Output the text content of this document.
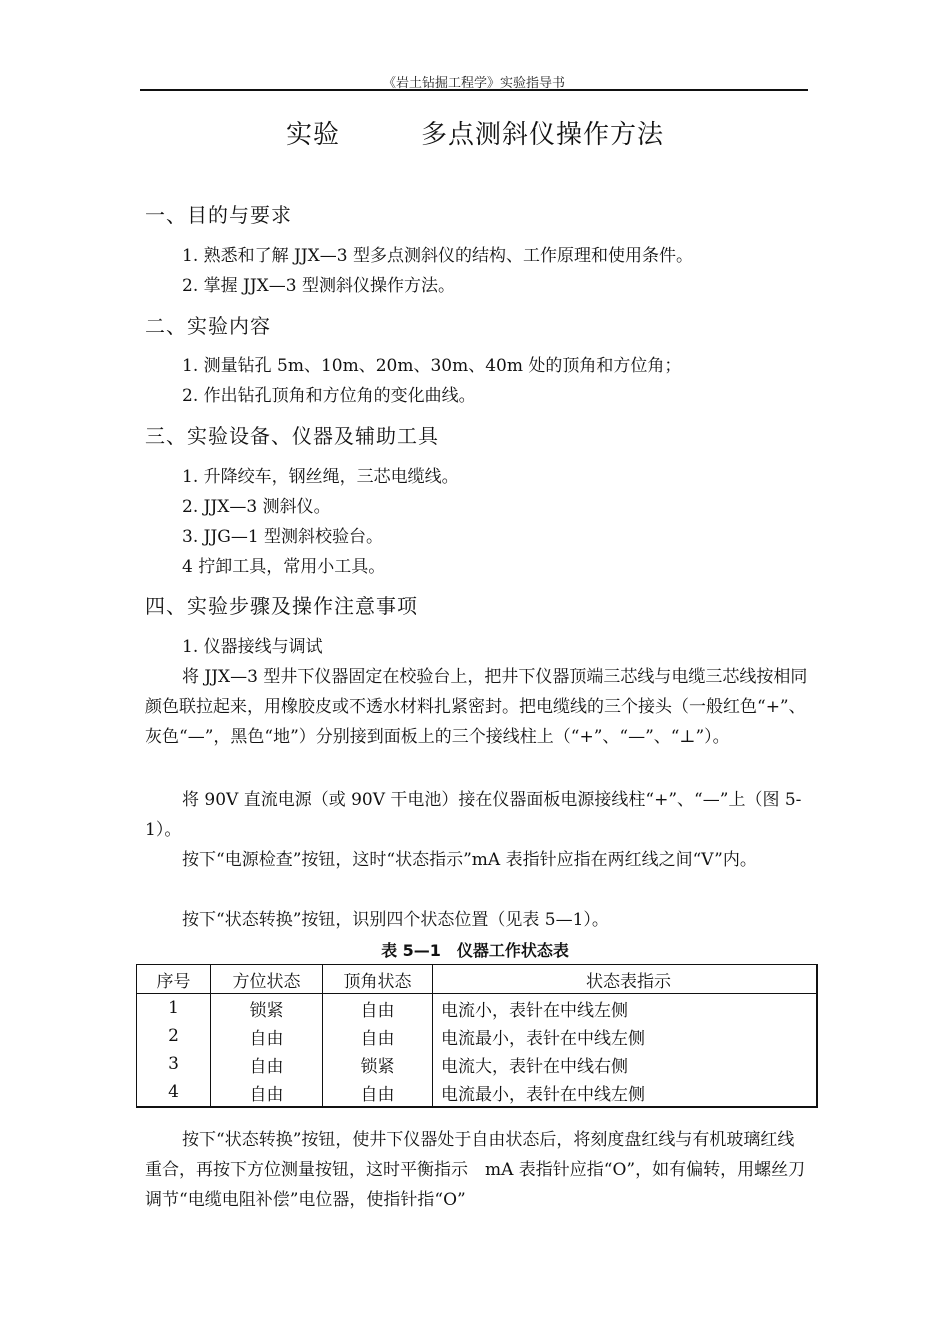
《岩土钻掘工程学》实验指导书
实验　　　多点测斜仪操作方法
一、目的与要求
1. 熟悉和了解 JJX—3 型多点测斜仪的结构、工作原理和使用条件。
2. 掌握 JJX—3 型测斜仪操作方法。
二、实验内容
1. 测量钻孔 5m、10m、20m、30m、40m 处的顶角和方位角；
2. 作出钻孔顶角和方位角的变化曲线。
三、实验设备、仪器及辅助工具
1. 升降绞车，钢丝绳，三芯电缆线。
2. JJX—3 测斜仪。
3. JJG—1 型测斜校验台。
4 拧卸工具，常用小工具。
四、实验步骤及操作注意事项
1. 仪器接线与调试
将 JJX—3 型井下仪器固定在校验台上，把井下仪器顶端三芯线与电缆三芯线按相同颜色联拉起来，用橡胶皮或不透水材料扎紧密封。把电缆线的三个接头（一般红色“+”、灰色“—”，黑色“地”）分别接到面板上的三个接线柱上（“+”、“—”、“⊥”）。
将 90V 直流电源（或 90V 干电池）接在仪器面板电源接线柱“+”、“—”上（图 5-1）。
按下“电源检查”按钮，这时“状态指示”mA 表指针应指在两红线之间“V”内。
按下“状态转换”按钮，识别四个状态位置（见表 5—1）。
表 5—1　仪器工作状态表
序号	方位状态	顶角状态	状态表指示
1	锁紧	自由	电流小，表针在中线左侧
2	自由	自由	电流最小，表针在中线左侧
3	自由	锁紧	电流大，表针在中线右侧
4	自由	自由	电流最小，表针在中线左侧
按下“状态转换”按钮，使井下仪器处于自由状态后，将刻度盘红线与有机玻璃红线重合，再按下方位测量按钮，这时平衡指示　mA 表指针应指“O”，如有偏转，用螺丝刀调节“电缆电阻补偿”电位器，使指针指“O”
